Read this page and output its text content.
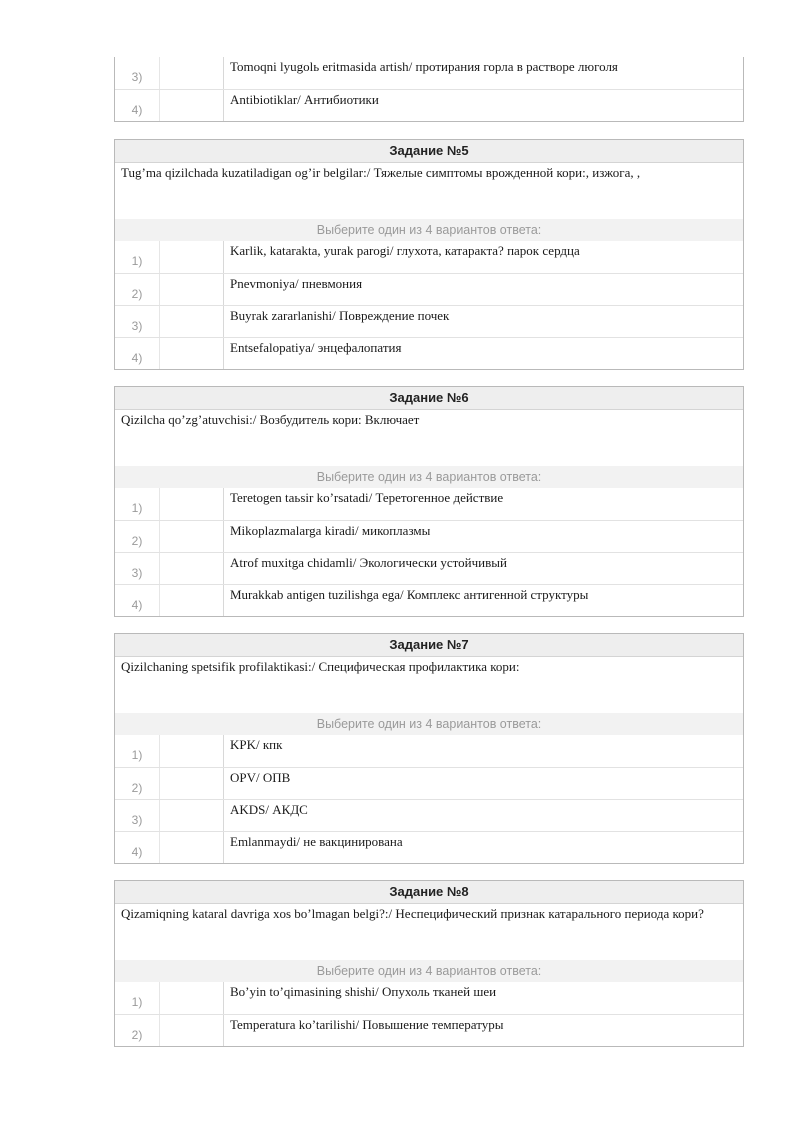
3)
Tomoqni lyugolь eritmasida artish/ протирания горла в растворе люголя
4)
Antibiotiklar/ Антибиотики
Задание №5
Tug’ma qizilchada kuzatiladigan og’ir belgilar:/ Тяжелые симптомы врожденной кори:, изжога, ,
Выберите один из 4 вариантов ответа:
1)
Karlik, katarakta, yurak parogi/ глухота, катаракта? парок сердца
2)
Pnevmoniya/ пневмония
3)
Buyrak zararlanishi/ Повреждение почек
4)
Entsefalopatiya/ энцефалопатия
Задание №6
Qizilcha qo’zg’atuvchisi:/ Возбудитель кори: Включает
Выберите один из 4 вариантов ответа:
1)
Teretogen taьsir ko’rsatadi/ Теретогенное действие
2)
Mikoplazmalarga kiradi/ микоплазмы
3)
Atrof muxitga chidamli/ Экологически устойчивый
4)
Murakkab antigen tuzilishga ega/ Комплекс антигенной структуры
Задание №7
Qizilchaning spetsifik profilaktikasi:/ Специфическая профилактика кори:
Выберите один из 4 вариантов ответа:
1)
KPK/ кпк
2)
OPV/ ОПВ
3)
AKDS/ АКДС
4)
Emlanmaydi/ не вакцинирована
Задание №8
Qizamiqning kataral davriga xos bo’lmagan belgi?:/ Неспецифический признак катарального периода кори?
Выберите один из 4 вариантов ответа:
1)
Bo’yin to’qimasining shishi/ Опухоль тканей шеи
2)
Temperatura ko’tarilishi/ Повышение температуры
